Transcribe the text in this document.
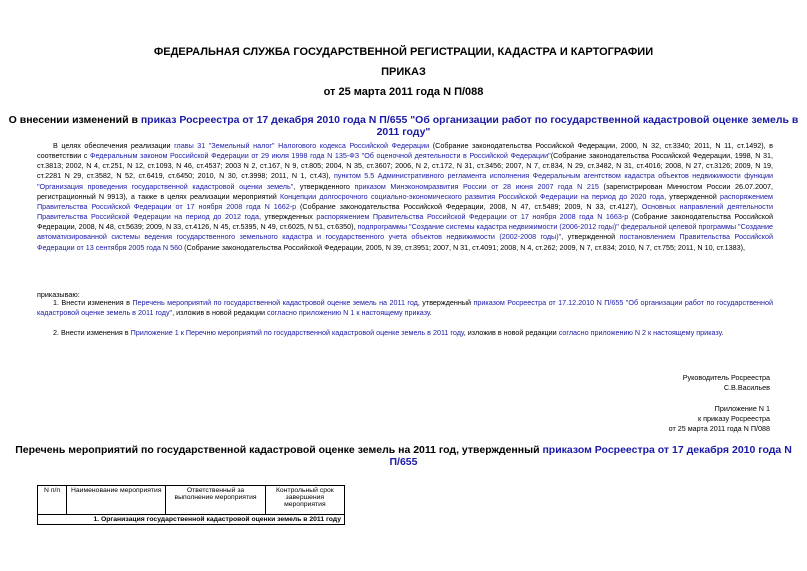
ФЕДЕРАЛЬНАЯ СЛУЖБА ГОСУДАРСТВЕННОЙ РЕГИСТРАЦИИ, КАДАСТРА И КАРТОГРАФИИ
ПРИКАЗ
от 25 марта 2011 года N П/088
О внесении изменений в приказ Росреестра от 17 декабря 2010 года N П/655 "Об организации работ по государственной кадастровой оценке земель в 2011 году"
В целях обеспечения реализации главы 31 "Земельный налог" Налогового кодекса Российской Федерации (Собрание законодательства Российской Федерации, 2000, N 32, ст.3340; 2011, N 11, ст.1492), в соответствии с Федеральным законом Российской Федерации от 29 июля 1998 года N 135-ФЗ "Об оценочной деятельности в Российской Федерации"(Собрание законодательства Российской Федерации, 1998, N 31, ст.3813; 2002, N 4, ст.251, N 12, ст.1093, N 46, ст.4537; 2003 N 2, ст.167, N 9, ст.805; 2004, N 35, ст.3607; 2006, N 2, ст.172, N 31, ст.3456; 2007, N 7, ст.834, N 29, ст.3482, N 31, ст.4016; 2008, N 27, ст.3126; 2009, N 19, ст.2281 N 29, ст.3582, N 52, ст.6419, ст.6450; 2010, N 30, ст.3998; 2011, N 1, ст.43), пунктом 5.5 Административного регламента исполнения Федеральным агентством кадастра объектов недвижимости функции "Организация проведения государственной кадастровой оценки земель", утвержденного приказом Минэкономразвития России от 28 июня 2007 года N 215 (зарегистрирован Минюстом России 26.07.2007, регистрационный N 9913), а также в целях реализации мероприятий Концепции долгосрочного социально-экономического развития Российской Федерации на период до 2020 года, утвержденной распоряжением Правительства Российской Федерации от 17 ноября 2008 года N 1662-р (Собрание законодательства Российской Федерации, 2008, N 47, ст.5489; 2009, N 33, ст.4127), Основных направлений деятельности Правительства Российской Федерации на период до 2012 года, утвержденных распоряжением Правительства Российской Федерации от 17 ноября 2008 года N 1663-р (Собрание законодательства Российской Федерации, 2008, N 48, ст.5639; 2009, N 33, ст.4126, N 45, ст.5395, N 49, ст.6025, N 51, ст.6350), подпрограммы "Создание системы кадастра недвижимости (2006-2012 годы)" федеральной целевой программы "Создание автоматизированной системы ведения государственного земельного кадастра и государственного учета объектов недвижимости (2002-2008 годы)", утвержденной постановлением Правительства Российской Федерации от 13 сентября 2005 года N 560 (Собрание законодательства Российской Федерации, 2005, N 39, ст.3951; 2007, N 31, ст.4091; 2008, N 4, ст.262; 2009, N 7, ст.834; 2010, N 7, ст.755; 2011, N 10, ст.1383),
приказываю:
1. Внести изменения в Перечень мероприятий по государственной кадастровой оценке земель на 2011 год, утвержденный приказом Росреестра от 17.12.2010 N П/655 "Об организации работ по государственной кадастровой оценке земель в 2011 году", изложив в новой редакции согласно приложению N 1 к настоящему приказу.
2. Внести изменения в Приложение 1 к Перечню мероприятий по государственной кадастровой оценке земель в 2011 году, изложив в новой редакции согласно приложению N 2 к настоящему приказу.
Руководитель Росреестра
С.В.Васильев
Приложение N 1
к приказу Росреестра
от 25 марта 2011 года N П/088
Перечень мероприятий по государственной кадастровой оценке земель на 2011 год, утвержденный приказом Росреестра от 17 декабря 2010 года N П/655
N п/п	Наименование мероприятия	Ответственный за выполнение мероприятия	Контрольный срок завершения мероприятия
1. Организация государственной кадастровой оценки земель в 2011 году
